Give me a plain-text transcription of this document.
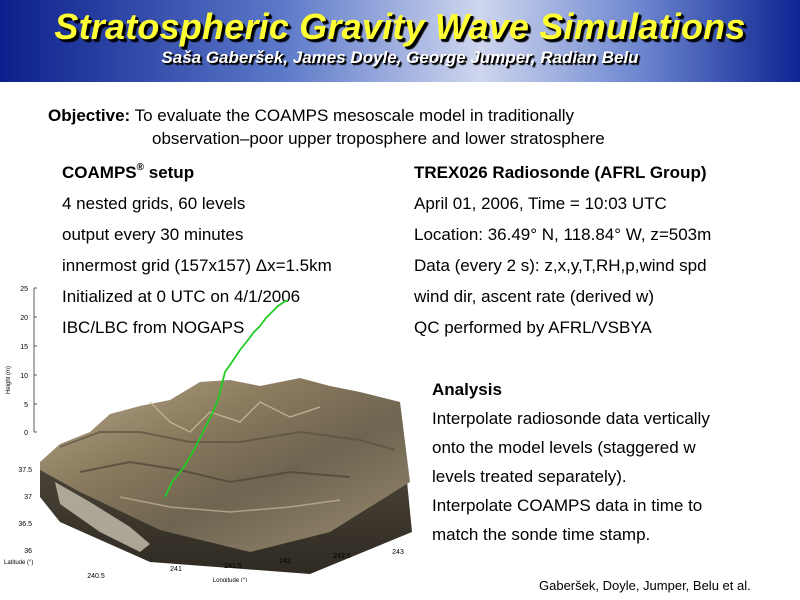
Stratospheric Gravity Wave Simulations
Saša Gaberšek, James Doyle, George Jumper, Radian Belu
Objective: To evaluate the COAMPS mesoscale model in traditionally
observation–poor upper troposphere and lower stratosphere
COAMPS® setup
4 nested grids, 60 levels
output every 30 minutes
innermost grid (157x157) Δx=1.5km
Initialized at 0 UTC on 4/1/2006
IBC/LBC from NOGAPS
TREX026 Radiosonde (AFRL Group)
April 01, 2006, Time = 10:03 UTC
Location: 36.49° N, 118.84° W, z=503m
Data (every 2 s): z,x,y,T,RH,p,wind spd
wind dir, ascent rate (derived w)
QC performed by AFRL/VSBYA
Analysis
Interpolate radiosonde data vertically
onto the model levels (staggered w
levels treated separately).
Interpolate COAMPS data in time to
match the sonde time stamp.
25
20
15
10
5
0
Height (m)
37.5
37
36.5
36
Latitude (°)
240.5
241	241.5
242
242.5
243
Longitude (°)	Gaberšek, Doyle, Jumper, Belu et al.
